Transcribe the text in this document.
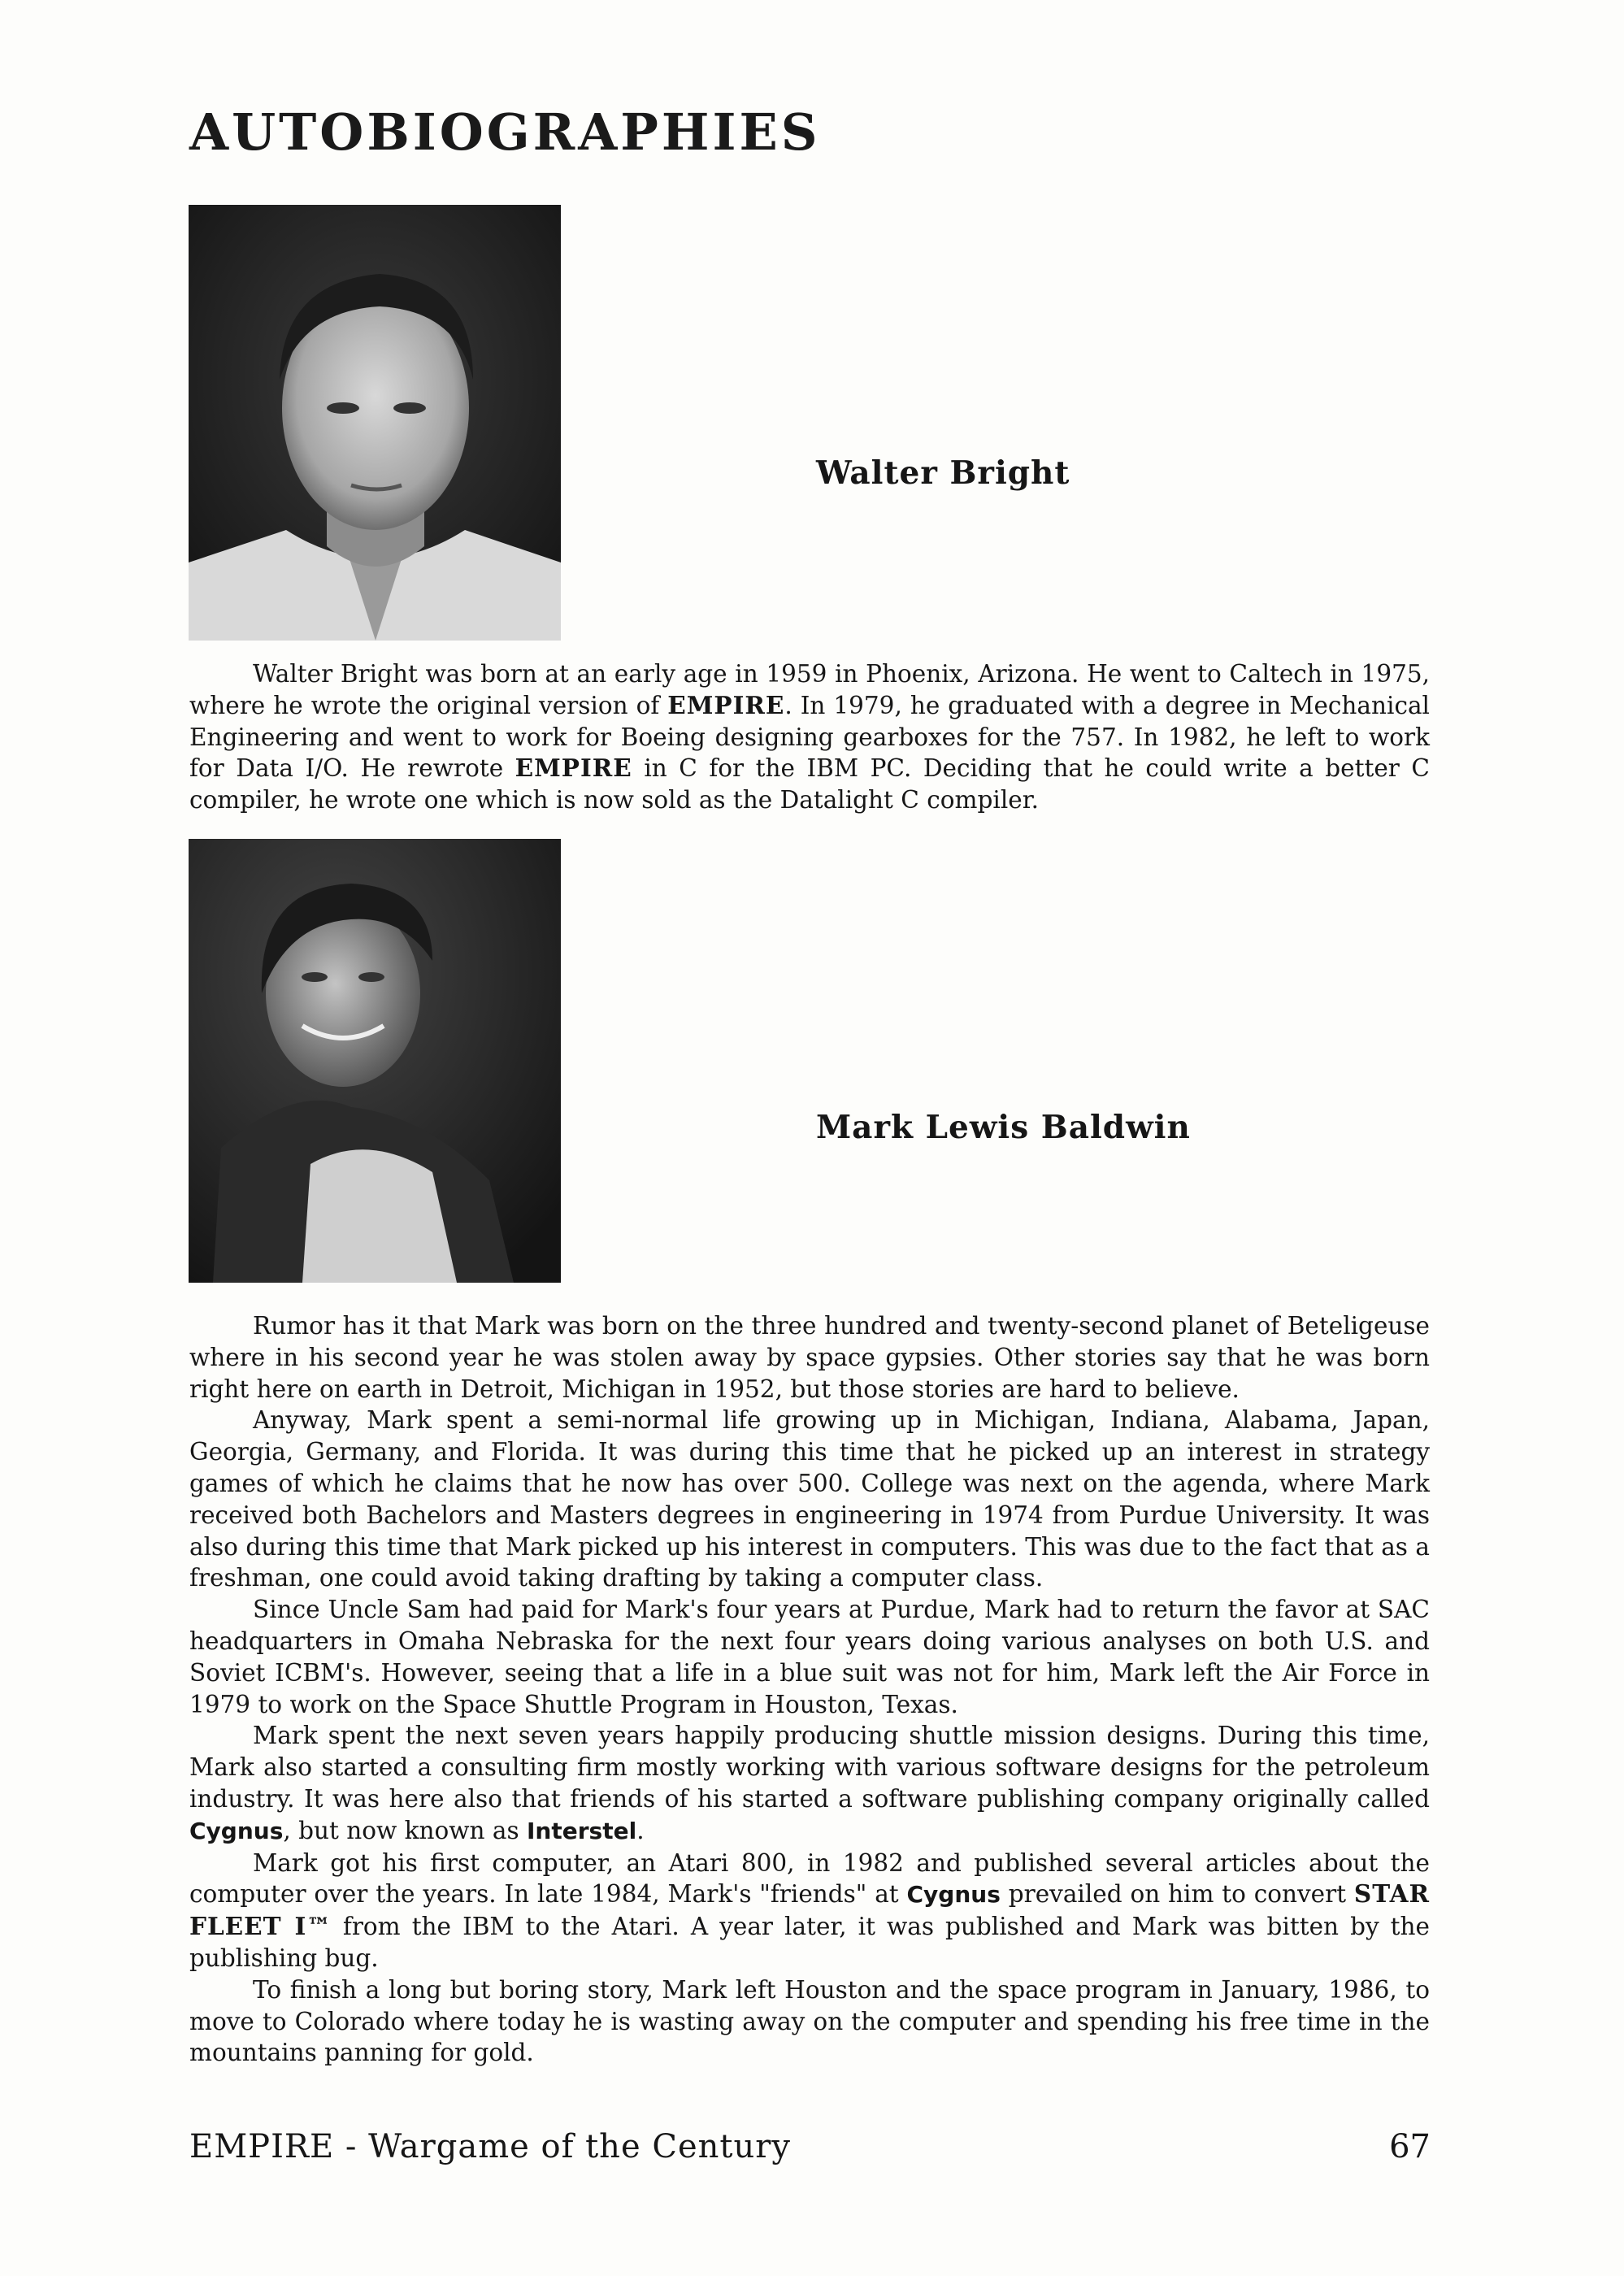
AUTOBIOGRAPHIES
Walter Bright

Walter Bright was born at an early age in 1959 in Phoenix, Arizona. He went to Caltech in 1975, where he wrote the original version of EMPIRE. In 1979, he graduated with a degree in Mechanical Engineering and went to work for Boeing designing gearboxes for the 757. In 1982, he left to work for Data I/O. He rewrote EMPIRE in C for the IBM PC. Deciding that he could write a better C compiler, he wrote one which is now sold as the Datalight C compiler.

Mark Lewis Baldwin

Rumor has it that Mark was born on the three hundred and twenty-second planet of Beteligeuse where in his second year he was stolen away by space gypsies. Other stories say that he was born right here on earth in Detroit, Michigan in 1952, but those stories are hard to believe.

Anyway, Mark spent a semi-normal life growing up in Michigan, Indiana, Alabama, Japan, Georgia, Germany, and Florida. It was during this time that he picked up an interest in strategy games of which he claims that he now has over 500. College was next on the agenda, where Mark received both Bachelors and Masters degrees in engineering in 1974 from Purdue University. It was also during this time that Mark picked up his interest in computers. This was due to the fact that as a freshman, one could avoid taking drafting by taking a computer class.

Since Uncle Sam had paid for Mark's four years at Purdue, Mark had to return the favor at SAC headquarters in Omaha Nebraska for the next four years doing various analyses on both U.S. and Soviet ICBM's. However, seeing that a life in a blue suit was not for him, Mark left the Air Force in 1979 to work on the Space Shuttle Program in Houston, Texas.

Mark spent the next seven years happily producing shuttle mission designs. During this time, Mark also started a consulting firm mostly working with various software designs for the petroleum industry. It was here also that friends of his started a software publishing company originally called Cygnus, but now known as Interstel.

Mark got his first computer, an Atari 800, in 1982 and published several articles about the computer over the years. In late 1984, Mark's "friends" at Cygnus prevailed on him to convert STAR FLEET I™ from the IBM to the Atari. A year later, it was published and Mark was bitten by the publishing bug.

To finish a long but boring story, Mark left Houston and the space program in January, 1986, to move to Colorado where today he is wasting away on the computer and spending his free time in the mountains panning for gold.

EMPIRE - Wargame of the Century	67
